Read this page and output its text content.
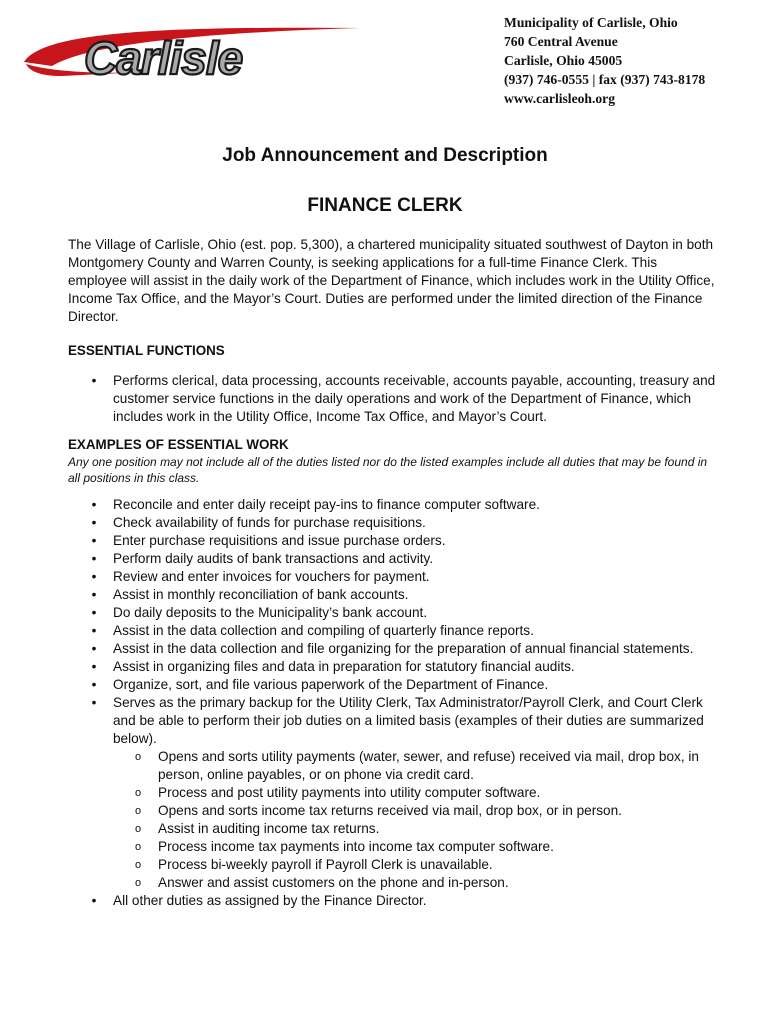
Carlisle
Municipality of Carlisle, Ohio
760 Central Avenue
Carlisle, Ohio 45005
(937) 746-0555 | fax (937) 743-8178
www.carlisleoh.org
Job Announcement and Description
FINANCE CLERK

The Village of Carlisle, Ohio (est. pop. 5,300), a chartered municipality situated southwest of Dayton in both Montgomery County and Warren County, is seeking applications for a full-time Finance Clerk. This employee will assist in the daily work of the Department of Finance, which includes work in the Utility Office, Income Tax Office, and the Mayor’s Court. Duties are performed under the limited direction of the Finance Director.

ESSENTIAL FUNCTIONS
• Performs clerical, data processing, accounts receivable, accounts payable, accounting, treasury and customer service functions in the daily operations and work of the Department of Finance, which includes work in the Utility Office, Income Tax Office, and Mayor’s Court.
EXAMPLES OF ESSENTIAL WORK

Any one position may not include all of the duties listed nor do the listed examples include all duties that may be found in all positions in this class.

• Reconcile and enter daily receipt pay-ins to finance computer software.
• Check availability of funds for purchase requisitions.
• Enter purchase requisitions and issue purchase orders.
• Perform daily audits of bank transactions and activity.
• Review and enter invoices for vouchers for payment.
• Assist in monthly reconciliation of bank accounts.
• Do daily deposits to the Municipality’s bank account.
• Assist in the data collection and compiling of quarterly finance reports.
• Assist in the data collection and file organizing for the preparation of annual financial statements.
• Assist in organizing files and data in preparation for statutory financial audits.
• Organize, sort, and file various paperwork of the Department of Finance.
• Serves as the primary backup for the Utility Clerk, Tax Administrator/Payroll Clerk, and Court Clerk and be able to perform their job duties on a limited basis (examples of their duties are summarized below).
o Opens and sorts utility payments (water, sewer, and refuse) received via mail, drop box, in person, online payables, or on phone via credit card.
o Process and post utility payments into utility computer software.
o Opens and sorts income tax returns received via mail, drop box, or in person.
o Assist in auditing income tax returns.
o Process income tax payments into income tax computer software.
o Process bi-weekly payroll if Payroll Clerk is unavailable.
o Answer and assist customers on the phone and in-person.
• All other duties as assigned by the Finance Director.
